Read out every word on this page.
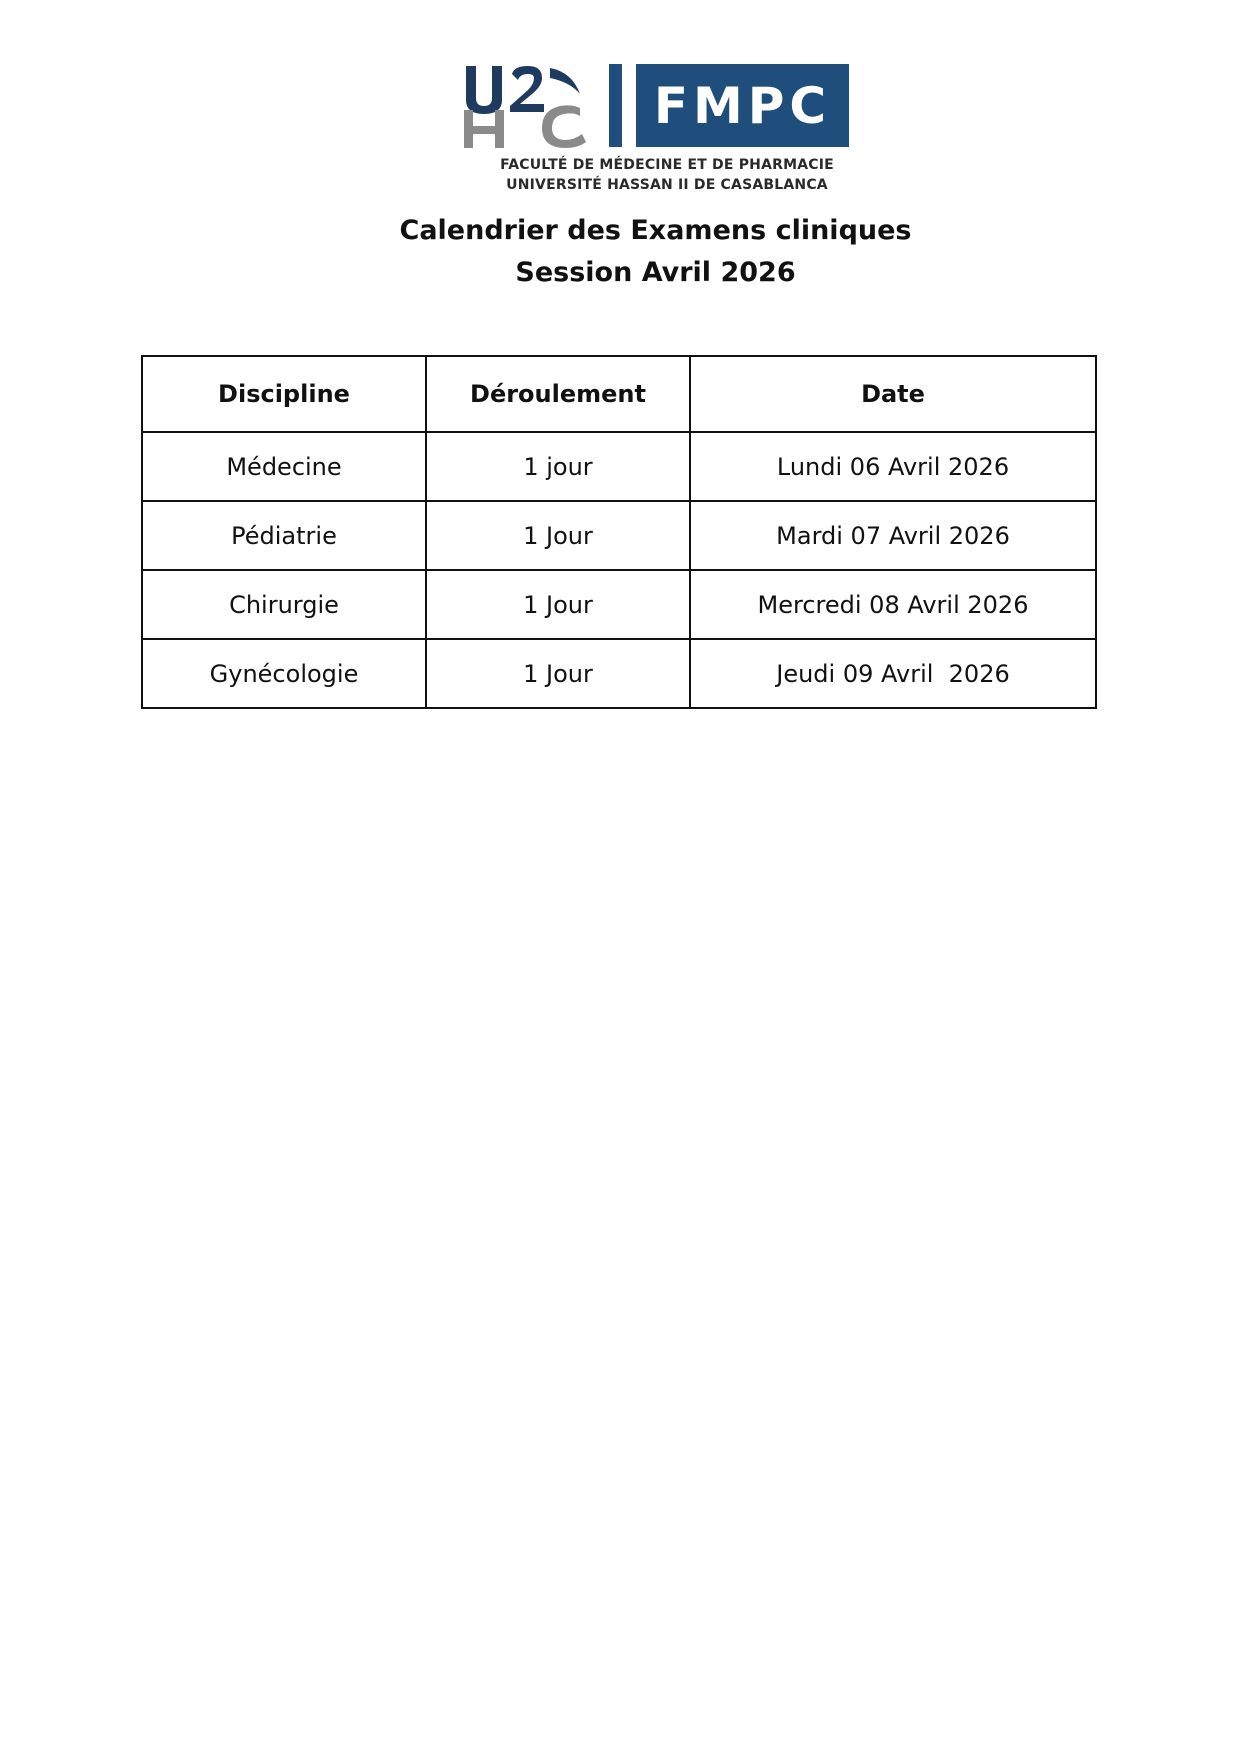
FMPC
FACULTÉ DE MÉDECINE ET DE PHARMACIE
UNIVERSITÉ HASSAN II DE CASABLANCA
Calendrier des Examens cliniques
Session Avril 2026
Discipline	Déroulement	Date
Médecine	1 jour	Lundi 06 Avril 2026
Pédiatrie	1 Jour	Mardi 07 Avril 2026
Chirurgie	1 Jour	Mercredi 08 Avril 2026
Gynécologie	1 Jour	Jeudi 09 Avril  2026
